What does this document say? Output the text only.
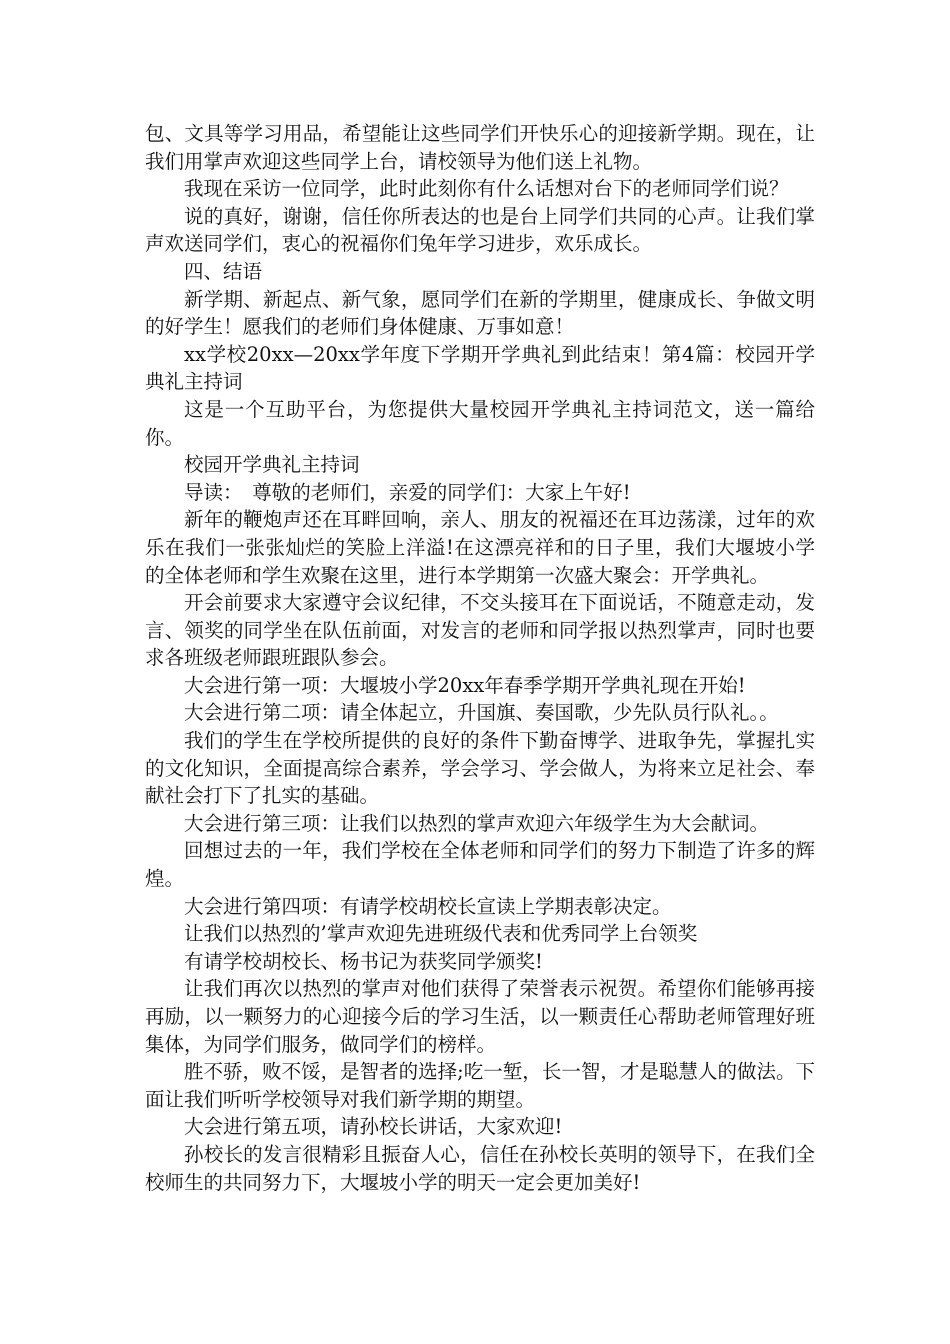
包、文具等学习用品，希望能让这些同学们开快乐心的迎接新学期。现在，让我们用掌声欢迎这些同学上台，请校领导为他们送上礼物。

我现在采访一位同学，此时此刻你有什么话想对台下的老师同学们说？

说的真好，谢谢，信任你所表达的也是台上同学们共同的心声。让我们掌声欢送同学们，衷心的祝福你们兔年学习进步，欢乐成长。

四、结语

新学期、新起点、新气象，愿同学们在新的学期里，健康成长、争做文明的好学生！愿我们的老师们身体健康、万事如意！

xx学校20xx—20xx学年度下学期开学典礼到此结束！第4篇：校园开学典礼主持词

这是一个互助平台，为您提供大量校园开学典礼主持词范文，送一篇给你。

校园开学典礼主持词

导读：　尊敬的老师们，亲爱的同学们：大家上午好!

新年的鞭炮声还在耳畔回响，亲人、朋友的祝福还在耳边荡漾，过年的欢乐在我们一张张灿烂的笑脸上洋溢!在这漂亮祥和的日子里，我们大堰坡小学的全体老师和学生欢聚在这里，进行本学期第一次盛大聚会：开学典礼。

开会前要求大家遵守会议纪律，不交头接耳在下面说话，不随意走动，发言、领奖的同学坐在队伍前面，对发言的老师和同学报以热烈掌声，同时也要求各班级老师跟班跟队参会。

大会进行第一项：大堰坡小学20xx年春季学期开学典礼现在开始!

大会进行第二项：请全体起立，升国旗、奏国歌，少先队员行队礼。。

我们的学生在学校所提供的良好的条件下勤奋博学、进取争先，掌握扎实的文化知识，全面提高综合素养，学会学习、学会做人，为将来立足社会、奉献社会打下了扎实的基础。

大会进行第三项：让我们以热烈的掌声欢迎六年级学生为大会献词。

回想过去的一年，我们学校在全体老师和同学们的努力下制造了许多的辉煌。

大会进行第四项：有请学校胡校长宣读上学期表彰决定。

让我们以热烈的’掌声欢迎先进班级代表和优秀同学上台领奖

有请学校胡校长、杨书记为获奖同学颁奖!

让我们再次以热烈的掌声对他们获得了荣誉表示祝贺。希望你们能够再接再励，以一颗努力的心迎接今后的学习生活，以一颗责任心帮助老师管理好班集体，为同学们服务，做同学们的榜样。

胜不骄，败不馁，是智者的选择;吃一堑，长一智，才是聪慧人的做法。下面让我们听听学校领导对我们新学期的期望。

大会进行第五项，请孙校长讲话，大家欢迎!

孙校长的发言很精彩且振奋人心，信任在孙校长英明的领导下，在我们全校师生的共同努力下，大堰坡小学的明天一定会更加美好!
